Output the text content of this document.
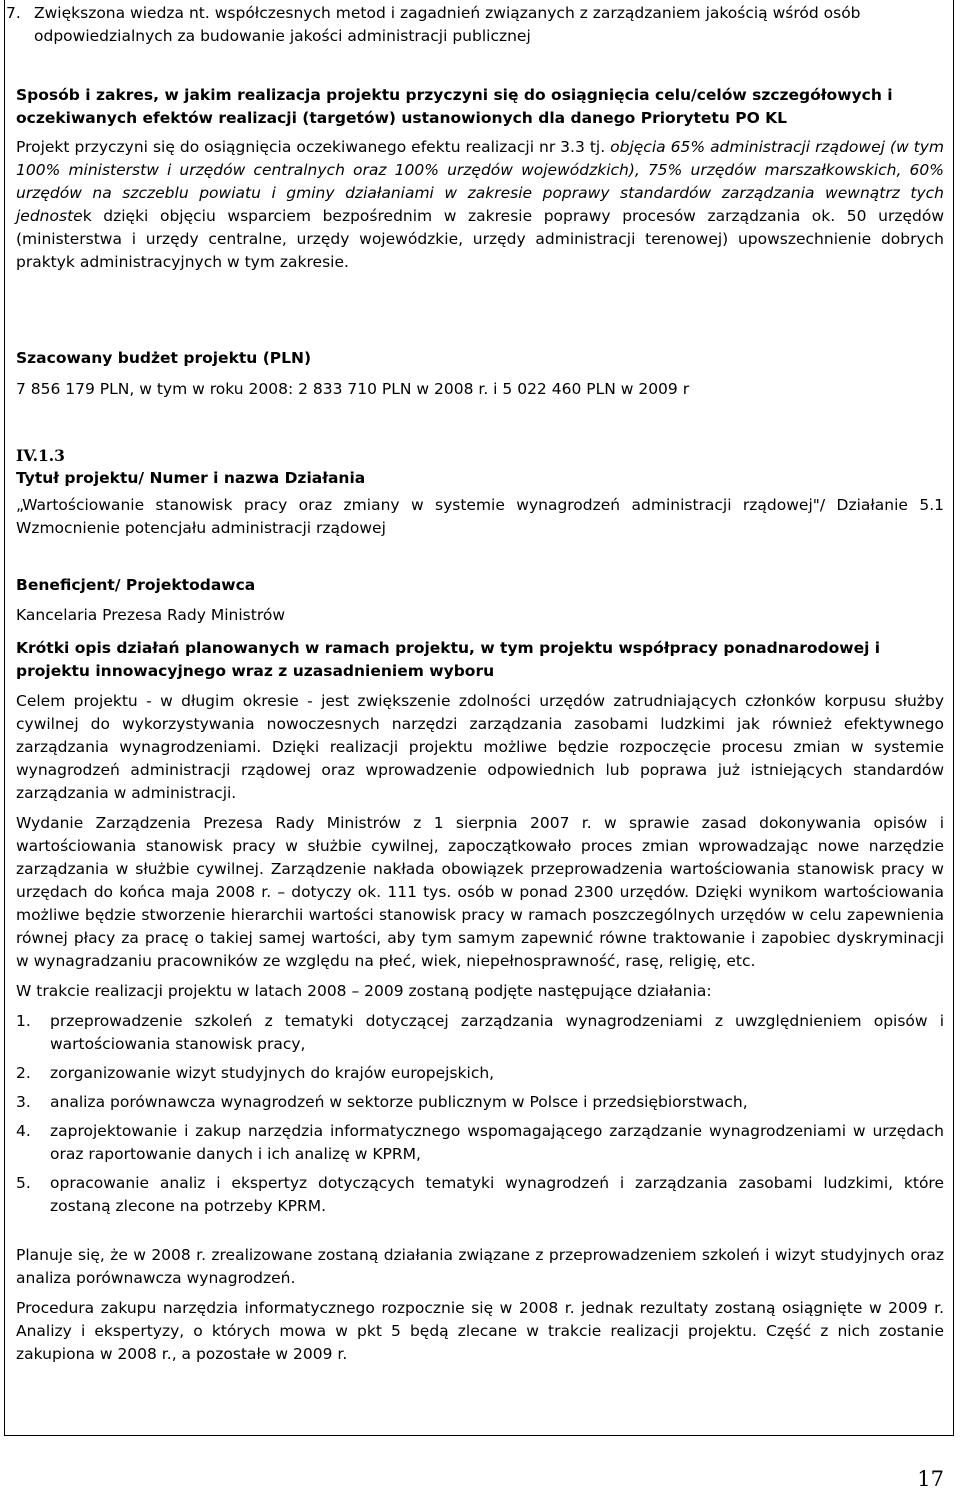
7. Zwiększona wiedza nt. współczesnych metod i zagadnień związanych z zarządzaniem jakością wśród osób odpowiedzialnych za budowanie jakości administracji publicznej

Sposób i zakres, w jakim realizacja projektu przyczyni się do osiągnięcia celu/celów szczegółowych i oczekiwanych efektów realizacji (targetów) ustanowionych dla danego Priorytetu PO KL

Projekt przyczyni się do osiągnięcia oczekiwanego efektu realizacji nr 3.3 tj. objęcia 65% administracji rządowej (w tym 100% ministerstw i urzędów centralnych oraz 100% urzędów wojewódzkich), 75% urzędów marszałkowskich, 60% urzędów na szczeblu powiatu i gminy działaniami w zakresie poprawy standardów zarządzania wewnątrz tych jednostek dzięki objęciu wsparciem bezpośrednim w zakresie poprawy procesów zarządzania ok. 50 urzędów (ministerstwa i urzędy centralne, urzędy wojewódzkie, urzędy administracji terenowej) upowszechnienie dobrych praktyk administracyjnych w tym zakresie.

Szacowany budżet projektu (PLN)

7 856 179 PLN, w tym w roku 2008: 2 833 710 PLN w 2008 r. i 5 022 460 PLN w 2009 r

IV.1.3

Tytuł projektu/ Numer i nazwa Działania

„Wartościowanie stanowisk pracy oraz zmiany w systemie wynagrodzeń administracji rządowej"/ Działanie 5.1 Wzmocnienie potencjału administracji rządowej

Beneficjent/ Projektodawca

Kancelaria Prezesa Rady Ministrów

Krótki opis działań planowanych w ramach projektu, w tym projektu współpracy ponadnarodowej i projektu innowacyjnego wraz z uzasadnieniem wyboru

Celem projektu - w długim okresie - jest zwiększenie zdolności urzędów zatrudniających członków korpusu służby cywilnej do wykorzystywania nowoczesnych narzędzi zarządzania zasobami ludzkimi jak również efektywnego zarządzania wynagrodzeniami. Dzięki realizacji projektu możliwe będzie rozpoczęcie procesu zmian w systemie wynagrodzeń administracji rządowej oraz wprowadzenie odpowiednich lub poprawa już istniejących standardów zarządzania w administracji.

Wydanie Zarządzenia Prezesa Rady Ministrów z 1 sierpnia 2007 r. w sprawie zasad dokonywania opisów i wartościowania stanowisk pracy w służbie cywilnej, zapoczątkowało proces zmian wprowadzając nowe narzędzie zarządzania w służbie cywilnej. Zarządzenie nakłada obowiązek przeprowadzenia wartościowania stanowisk pracy w urzędach do końca maja 2008 r. – dotyczy ok. 111 tys. osób w ponad 2300 urzędów. Dzięki wynikom wartościowania możliwe będzie stworzenie hierarchii wartości stanowisk pracy w ramach poszczególnych urzędów w celu zapewnienia równej płacy za pracę o takiej samej wartości, aby tym samym zapewnić równe traktowanie i zapobiec dyskryminacji w wynagradzaniu pracowników ze względu na płeć, wiek, niepełnosprawność, rasę, religię, etc.

W trakcie realizacji projektu w latach 2008 – 2009 zostaną podjęte następujące działania:

1. przeprowadzenie szkoleń z tematyki dotyczącej zarządzania wynagrodzeniami z uwzględnieniem opisów i wartościowania stanowisk pracy,
2. zorganizowanie wizyt studyjnych do krajów europejskich,
3. analiza porównawcza wynagrodzeń w sektorze publicznym w Polsce i przedsiębiorstwach,
4. zaprojektowanie i zakup narzędzia informatycznego wspomagającego zarządzanie wynagrodzeniami w urzędach oraz raportowanie danych i ich analizę w KPRM,
5. opracowanie analiz i ekspertyz dotyczących tematyki wynagrodzeń i zarządzania zasobami ludzkimi, które zostaną zlecone na potrzeby KPRM.

Planuje się, że w 2008 r. zrealizowane zostaną działania związane z przeprowadzeniem szkoleń i wizyt studyjnych oraz analiza porównawcza wynagrodzeń.

Procedura zakupu narzędzia informatycznego rozpocznie się w 2008 r. jednak rezultaty zostaną osiągnięte w 2009 r. Analizy i ekspertyzy, o których mowa w pkt 5 będą zlecane w trakcie realizacji projektu. Część z nich zostanie zakupiona w 2008 r., a pozostałe w 2009 r.

17
